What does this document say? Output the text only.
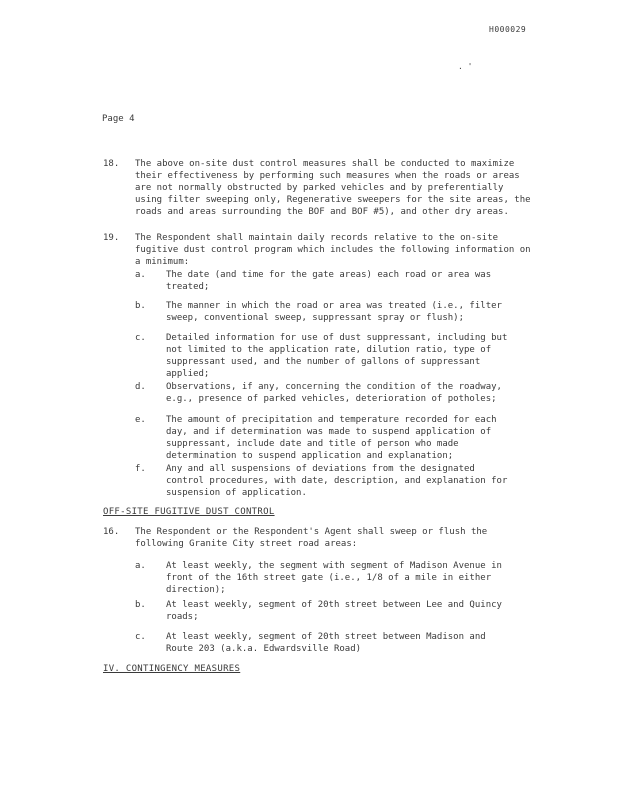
H000029
. '
Page 4
18. The above on-site dust control measures shall be conducted to maximize their effectiveness by performing such measures when the roads or areas are not normally obstructed by parked vehicles and by preferentially using filter sweeping only, Regenerative sweepers for the site areas, the roads and areas surrounding the BOF and BOF #5), and other dry areas.
19. The Respondent shall maintain daily records relative to the on-site fugitive dust control program which includes the following information on a minimum:
a. The date (and time for the gate areas) each road or area was treated;
b. The manner in which the road or area was treated (i.e., filter sweep, conventional sweep, suppressant spray or flush);
c. Detailed information for use of dust suppressant, including but not limited to the application rate, dilution ratio, type of suppressant used, and the number of gallons of suppressant applied;
d. Observations, if any, concerning the condition of the roadway, e.g., presence of parked vehicles, deterioration of potholes;
e. The amount of precipitation and temperature recorded for each day, and if determination was made to suspend application of suppressant, include date and title of person who made determination to suspend application and explanation;
f. Any and all suspensions of deviations from the designated control procedures, with date, description, and explanation for suspension of application.
OFF-SITE FUGITIVE DUST CONTROL
16. The Respondent or the Respondent's Agent shall sweep or flush the following Granite City street road areas:
a. At least weekly, the segment with segment of Madison Avenue in front of the 16th street gate (i.e., 1/8 of a mile in either direction);
b. At least weekly, segment of 20th street between Lee and Quincy roads;
c. At least weekly, segment of 20th street between Madison and Route 203 (a.k.a. Edwardsville Road)
IV. CONTINGENCY MEASURES
